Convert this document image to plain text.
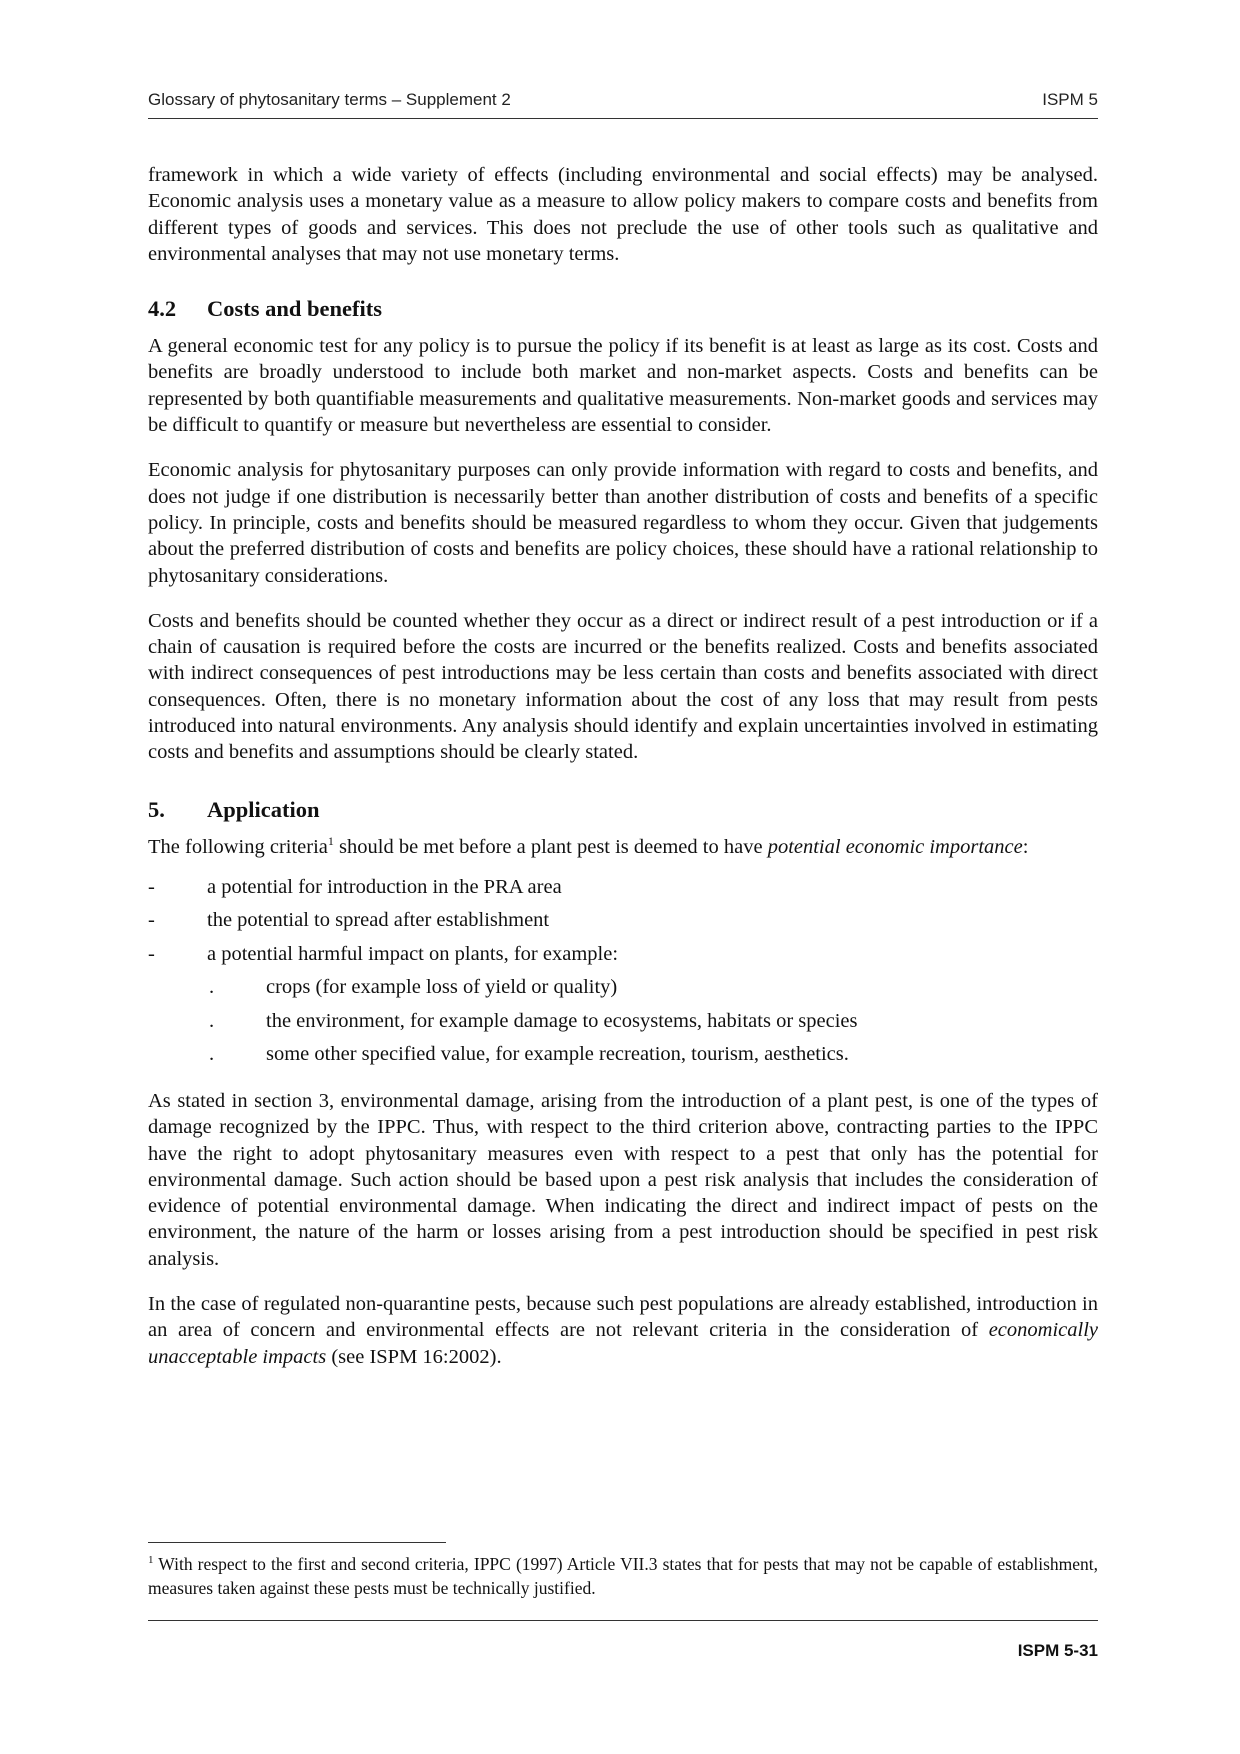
Glossary of phytosanitary terms – Supplement 2	ISPM 5

framework in which a wide variety of effects (including environmental and social effects) may be analysed. Economic analysis uses a monetary value as a measure to allow policy makers to compare costs and benefits from different types of goods and services. This does not preclude the use of other tools such as qualitative and environmental analyses that may not use monetary terms.

4.2 Costs and benefits

A general economic test for any policy is to pursue the policy if its benefit is at least as large as its cost. Costs and benefits are broadly understood to include both market and non-market aspects. Costs and benefits can be represented by both quantifiable measurements and qualitative measurements. Non-market goods and services may be difficult to quantify or measure but nevertheless are essential to consider.

Economic analysis for phytosanitary purposes can only provide information with regard to costs and benefits, and does not judge if one distribution is necessarily better than another distribution of costs and benefits of a specific policy. In principle, costs and benefits should be measured regardless to whom they occur. Given that judgements about the preferred distribution of costs and benefits are policy choices, these should have a rational relationship to phytosanitary considerations.

Costs and benefits should be counted whether they occur as a direct or indirect result of a pest introduction or if a chain of causation is required before the costs are incurred or the benefits realized. Costs and benefits associated with indirect consequences of pest introductions may be less certain than costs and benefits associated with direct consequences. Often, there is no monetary information about the cost of any loss that may result from pests introduced into natural environments. Any analysis should identify and explain uncertainties involved in estimating costs and benefits and assumptions should be clearly stated.

5. Application

The following criteria$^1$ should be met before a plant pest is deemed to have potential economic importance:

-	a potential for introduction in the PRA area
-	the potential to spread after establishment
-	a potential harmful impact on plants, for example:
.	crops (for example loss of yield or quality)
.	the environment, for example damage to ecosystems, habitats or species
.	some other specified value, for example recreation, tourism, aesthetics.

As stated in section 3, environmental damage, arising from the introduction of a plant pest, is one of the types of damage recognized by the IPPC. Thus, with respect to the third criterion above, contracting parties to the IPPC have the right to adopt phytosanitary measures even with respect to a pest that only has the potential for environmental damage. Such action should be based upon a pest risk analysis that includes the consideration of evidence of potential environmental damage. When indicating the direct and indirect impact of pests on the environment, the nature of the harm or losses arising from a pest introduction should be specified in pest risk analysis.

In the case of regulated non-quarantine pests, because such pest populations are already established, introduction in an area of concern and environmental effects are not relevant criteria in the consideration of economically unacceptable impacts (see ISPM 16:2002).

$^1$ With respect to the first and second criteria, IPPC (1997) Article VII.3 states that for pests that may not be capable of establishment, measures taken against these pests must be technically justified.
ISPM 5-31
